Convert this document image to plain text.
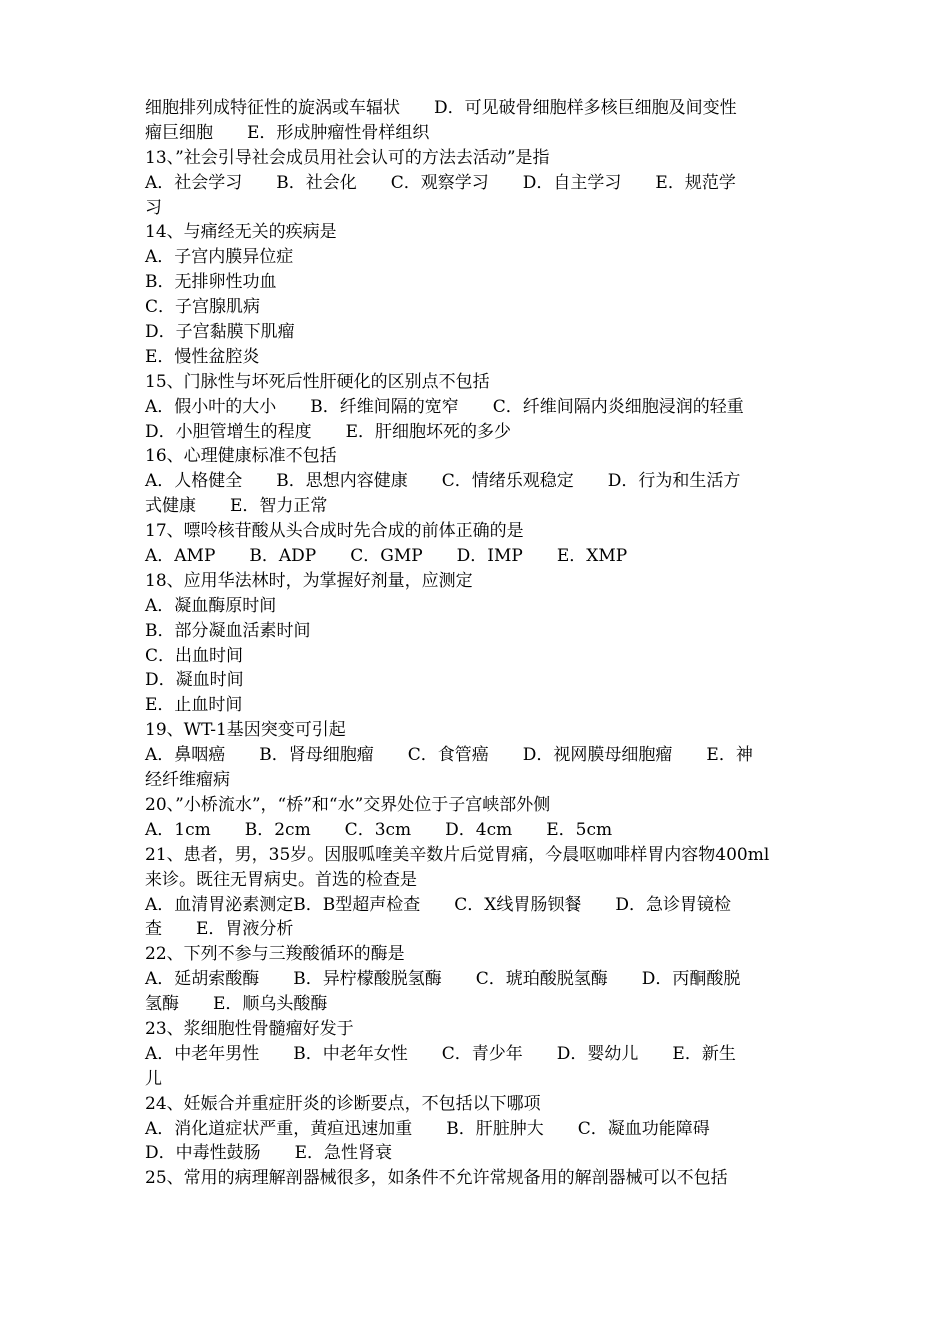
细胞排列成特征性的旋涡或车辐状　　D．可见破骨细胞样多核巨细胞及间变性
瘤巨细胞　　E．形成肿瘤性骨样组织
13、”社会引导社会成员用社会认可的方法去活动”是指
A．社会学习　　B．社会化　　C．观察学习　　D．自主学习　　E．规范学
习
14、与痛经无关的疾病是
A．子宫内膜异位症
B．无排卵性功血
C．子宫腺肌病
D．子宫黏膜下肌瘤
E．慢性盆腔炎
15、门脉性与坏死后性肝硬化的区别点不包括
A．假小叶的大小　　B．纤维间隔的宽窄　　C．纤维间隔内炎细胞浸润的轻重
D．小胆管增生的程度　　E．肝细胞坏死的多少
16、心理健康标准不包括
A．人格健全　　B．思想内容健康　　C．情绪乐观稳定　　D．行为和生活方
式健康　　E．智力正常
17、嘌呤核苷酸从头合成时先合成的前体正确的是
A．AMP　　B．ADP　　C．GMP　　D．IMP　　E．XMP
18、应用华法林时，为掌握好剂量，应测定
A．凝血酶原时间
B．部分凝血活素时间
C．出血时间
D．凝血时间
E．止血时间
19、WT-1基因突变可引起
A．鼻咽癌　　B．肾母细胞瘤　　C．食管癌　　D．视网膜母细胞瘤　　E．神
经纤维瘤病
20、”小桥流水”，“桥”和“水”交界处位于子宫峡部外侧
A．1cm　　B．2cm　　C．3cm　　D．4cm　　E．5cm
21、患者，男，35岁。因服呱喹美辛数片后觉胃痛，今晨呕咖啡样胃内容物400ml
来诊。既往无胃病史。首选的检查是
A．血清胃泌素测定B．B型超声检查　　C．X线胃肠钡餐　　D．急诊胃镜检
查　　E．胃液分析
22、下列不参与三羧酸循环的酶是
A．延胡索酸酶　　B．异柠檬酸脱氢酶　　C．琥珀酸脱氢酶　　D．丙酮酸脱
氢酶　　E．顺乌头酸酶
23、浆细胞性骨髓瘤好发于
A．中老年男性　　B．中老年女性　　C．青少年　　D．婴幼儿　　E．新生
儿
24、妊娠合并重症肝炎的诊断要点，不包括以下哪项
A．消化道症状严重，黄疸迅速加重　　B．肝脏肿大　　C．凝血功能障碍
D．中毒性鼓肠　　E．急性肾衰
25、常用的病理解剖器械很多，如条件不允许常规备用的解剖器械可以不包括
